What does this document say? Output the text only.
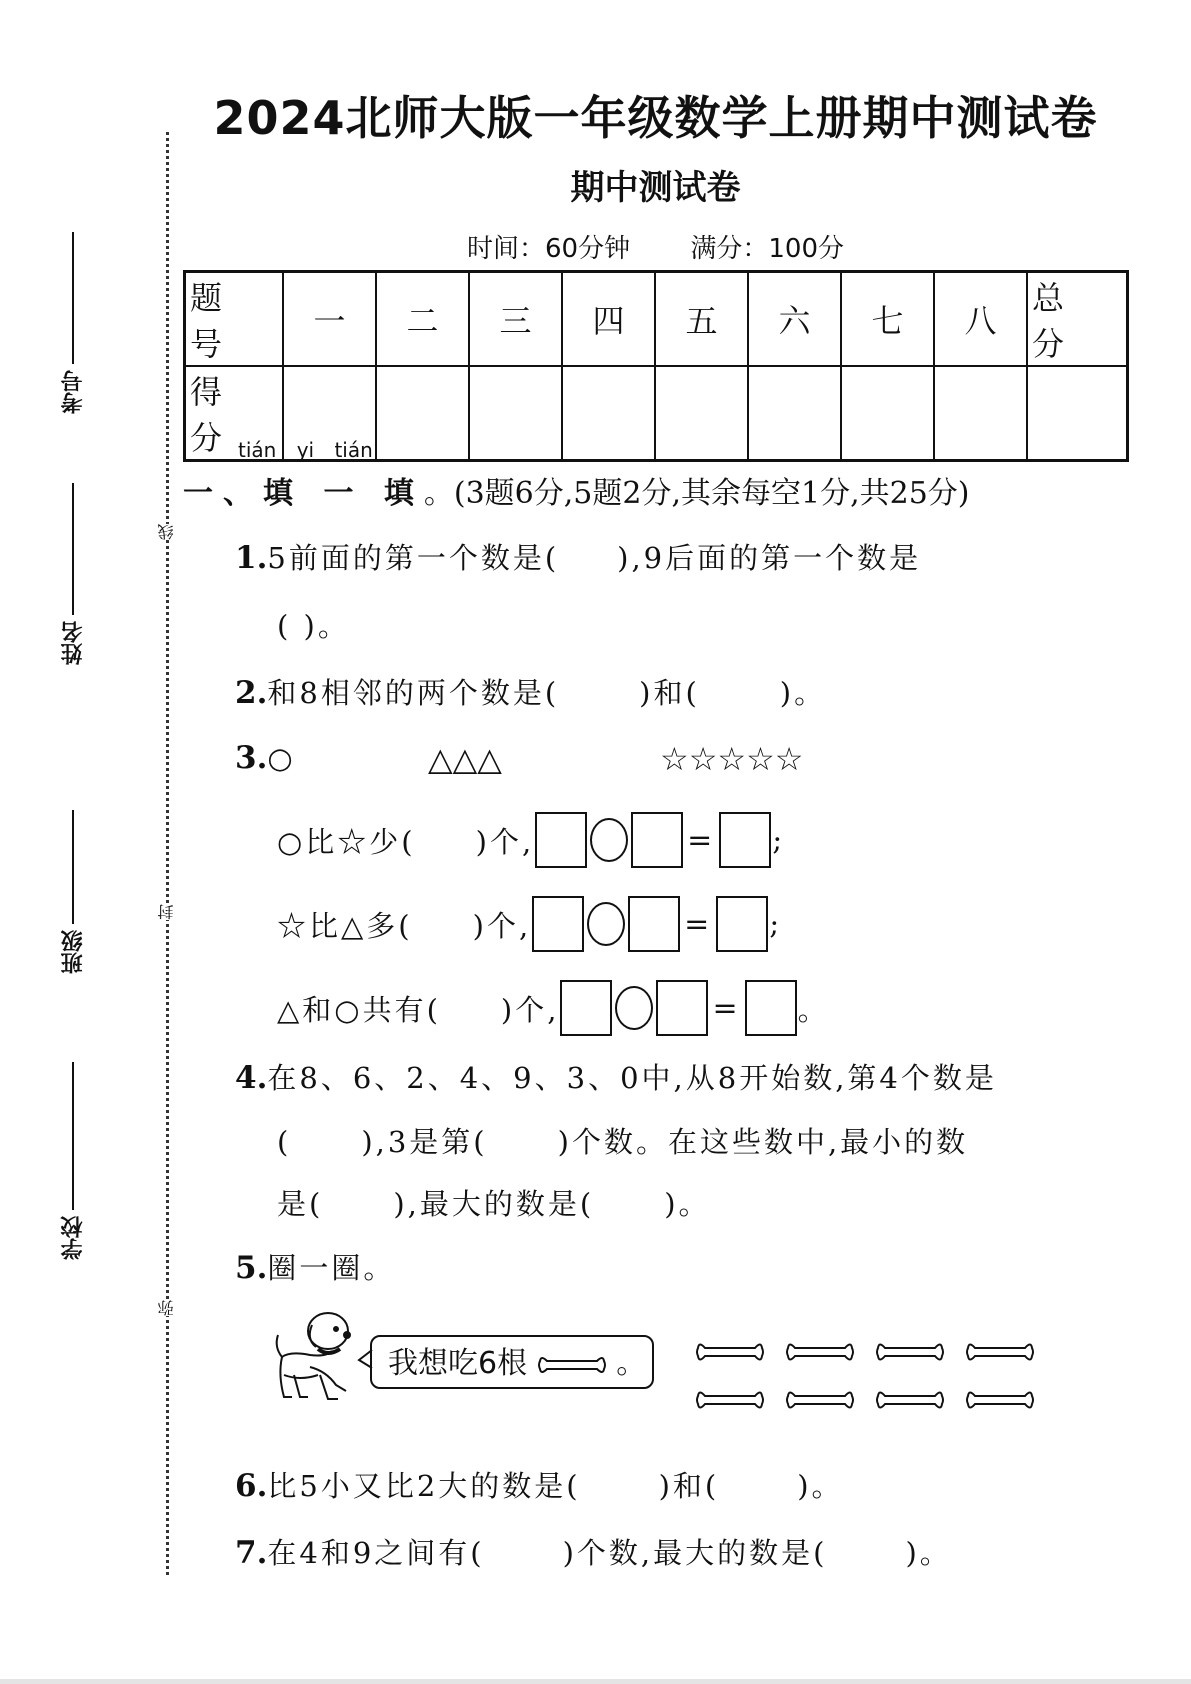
2024北师大版一年级数学上册期中测试卷
期中测试卷
时间：60分钟 满分：100分
线
封
弥
考号
姓名
班级
学校
题 号	一	二	三	四	五	六	七	八	总 分
得 分									tián yi tián
一、填 一 填。(3题6分,5题2分,其余每空1分,共25分)
1.5前面的第一个数是( ),9后面的第一个数是
( )。
2.和8相邻的两个数是(	)和(	)。
3.○	△△△	☆☆☆☆☆
○比☆少( )个,	= ;
☆比△多( )个,	= ;
△和○共有( )个,	= 。
4.在8、6、2、4、9、3、0中,从8开始数,第4个数是
( ),3是第( )个数。在这些数中,最小的数
是( ),最大的数是( )。
5.圈一圈。
我想吃6根	。
6.比5小又比2大的数是(	)和(	)。
7.在4和9之间有(	)个数,最大的数是(	)。
